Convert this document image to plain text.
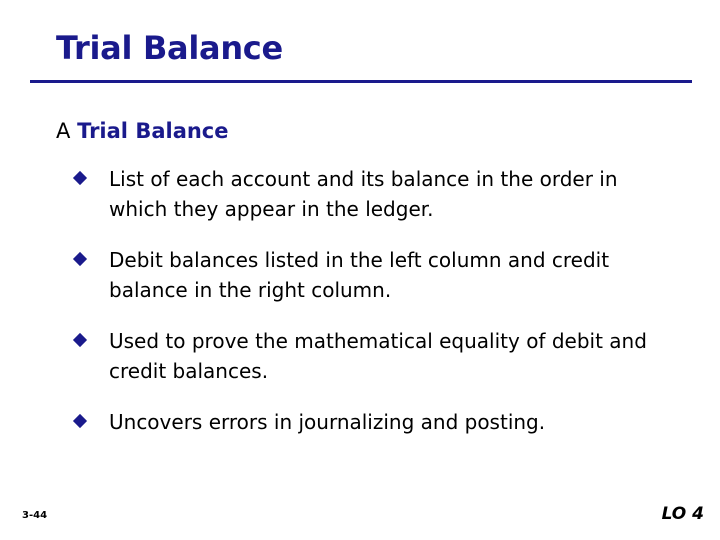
Trial Balance
A Trial Balance
List of each account and its balance in the order in which they appear in the ledger.
Debit balances listed in the left column and credit balance in the right column.
Used to prove the mathematical equality of debit and credit balances.
Uncovers errors in journalizing and posting.
3-44	LO 4
